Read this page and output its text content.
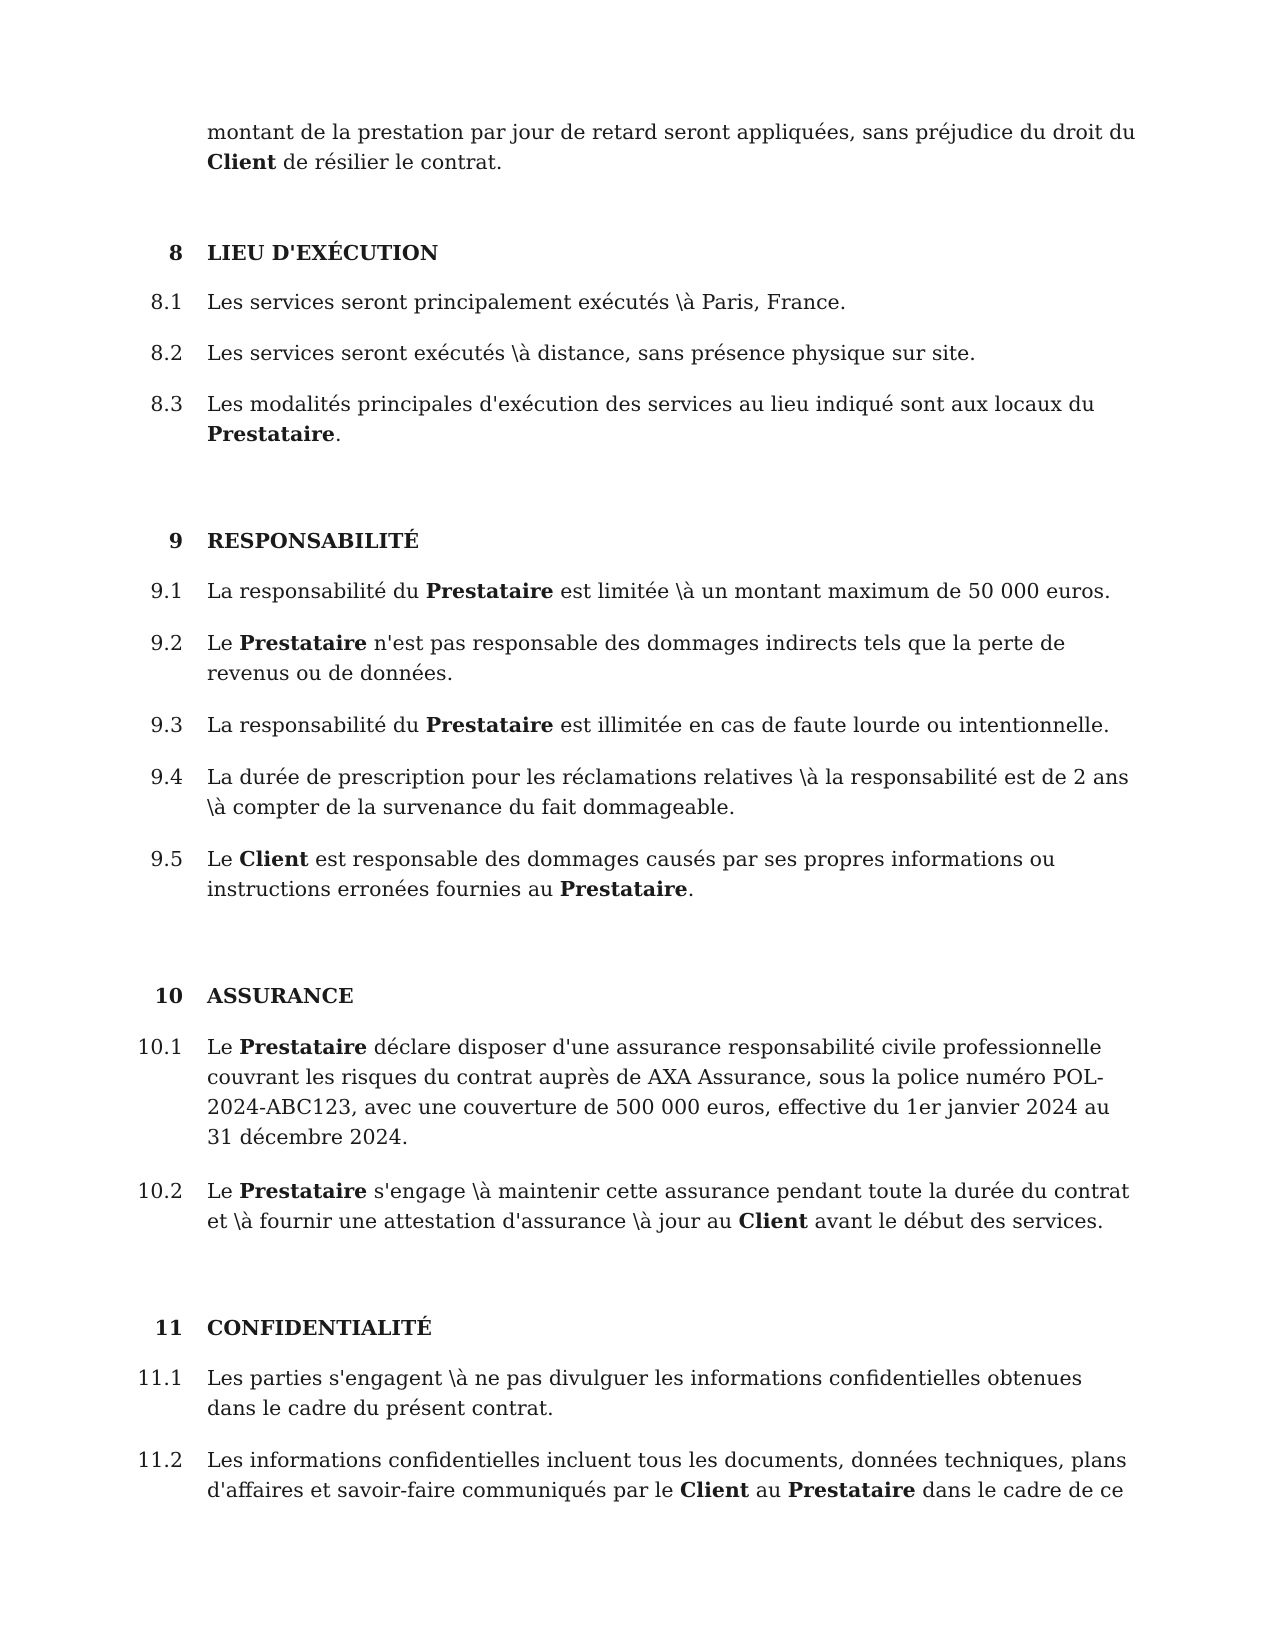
montant de la prestation par jour de retard seront appliquées, sans préjudice du droit du Client de résilier le contrat.
8 LIEU D'EXÉCUTION
8.1 Les services seront principalement exécutés \à Paris, France.
8.2 Les services seront exécutés \à distance, sans présence physique sur site.
8.3 Les modalités principales d'exécution des services au lieu indiqué sont aux locaux du Prestataire.
9 RESPONSABILITÉ
9.1 La responsabilité du Prestataire est limitée \à un montant maximum de 50 000 euros.
9.2 Le Prestataire n'est pas responsable des dommages indirects tels que la perte de revenus ou de données.
9.3 La responsabilité du Prestataire est illimitée en cas de faute lourde ou intentionnelle.
9.4 La durée de prescription pour les réclamations relatives \à la responsabilité est de 2 ans \à compter de la survenance du fait dommageable.
9.5 Le Client est responsable des dommages causés par ses propres informations ou instructions erronées fournies au Prestataire.
10 ASSURANCE
10.1 Le Prestataire déclare disposer d'une assurance responsabilité civile professionnelle couvrant les risques du contrat auprès de AXA Assurance, sous la police numéro POL-2024-ABC123, avec une couverture de 500 000 euros, effective du 1er janvier 2024 au 31 décembre 2024.
10.2 Le Prestataire s'engage \à maintenir cette assurance pendant toute la durée du contrat et \à fournir une attestation d'assurance \à jour au Client avant le début des services.
11 CONFIDENTIALITÉ
11.1 Les parties s'engagent \à ne pas divulguer les informations confidentielles obtenues dans le cadre du présent contrat.
11.2 Les informations confidentielles incluent tous les documents, données techniques, plans d'affaires et savoir-faire communiqués par le Client au Prestataire dans le cadre de ce
